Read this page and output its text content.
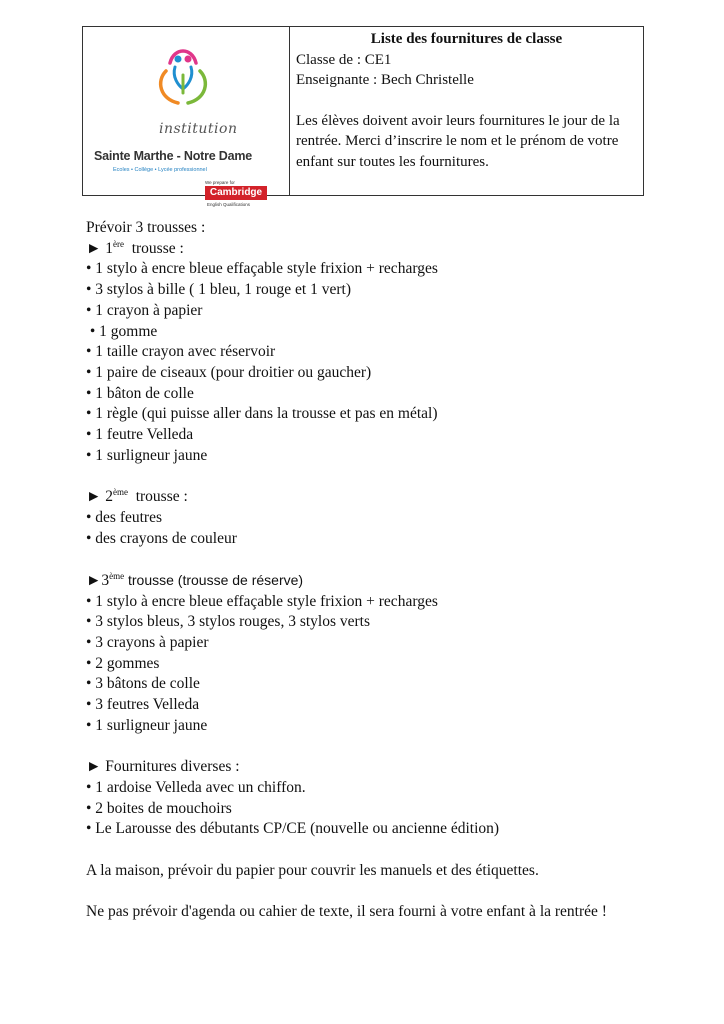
institution
Sainte Marthe - Notre Dame
Ecoles • Collège • Lycée professionnel
We prepare for
Cambridge
English Qualifications
Liste des fournitures de classe
Classe de : CE1
Enseignante : Bech Christelle
Les élèves doivent avoir leurs fournitures le jour de la rentrée. Merci d’inscrire le nom et le prénom de votre enfant sur toutes les fournitures.
Prévoir 3 trousses :
► 1ère  trousse :
• 1 stylo à encre bleue effaçable style frixion + recharges
• 3 stylos à bille ( 1 bleu, 1 rouge et 1 vert)
• 1 crayon à papier
• 1 gomme
• 1 taille crayon avec réservoir
• 1 paire de ciseaux (pour droitier ou gaucher)
• 1 bâton de colle
• 1 règle (qui puisse aller dans la trousse et pas en métal)
• 1 feutre Velleda
• 1 surligneur jaune
► 2ème  trousse :
• des feutres
• des crayons de couleur
►3ème trousse (trousse de réserve)
• 1 stylo à encre bleue effaçable style frixion + recharges
• 3 stylos bleus, 3 stylos rouges, 3 stylos verts
• 3 crayons à papier
• 2 gommes
• 3 bâtons de colle
• 3 feutres Velleda
• 1 surligneur jaune
► Fournitures diverses :
• 1 ardoise Velleda avec un chiffon.
• 2 boites de mouchoirs
• Le Larousse des débutants CP/CE (nouvelle ou ancienne édition)
A la maison, prévoir du papier pour couvrir les manuels et des étiquettes.
Ne pas prévoir d'agenda ou cahier de texte, il sera fourni à votre enfant à la rentrée !
